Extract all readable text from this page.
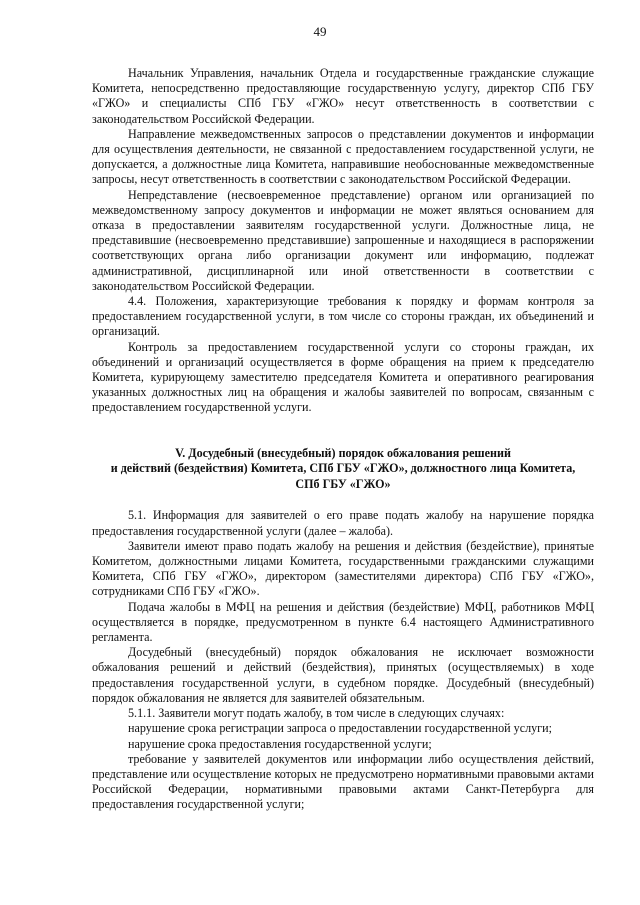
49

Начальник Управления, начальник Отдела и государственные гражданские служащие Комитета, непосредственно предоставляющие государственную услугу, директор СПб ГБУ «ГЖО» и специалисты СПб ГБУ «ГЖО» несут ответственность в соответствии с законодательством Российской Федерации.

Направление межведомственных запросов о представлении документов и информации для осуществления деятельности, не связанной с предоставлением государственной услуги, не допускается, а должностные лица Комитета, направившие необоснованные межведомственные запросы, несут ответственность в соответствии с законодательством Российской Федерации.

Непредставление (несвоевременное представление) органом или организацией по межведомственному запросу документов и информации не может являться основанием для отказа в предоставлении заявителям государственной услуги. Должностные лица, не представившие (несвоевременно представившие) запрошенные и находящиеся в распоряжении соответствующих органа либо организации документ или информацию, подлежат административной, дисциплинарной или иной ответственности в соответствии с законодательством Российской Федерации.

4.4. Положения, характеризующие требования к порядку и формам контроля за предоставлением государственной услуги, в том числе со стороны граждан, их объединений и организаций.

Контроль за предоставлением государственной услуги со стороны граждан, их объединений и организаций осуществляется в форме обращения на прием к председателю Комитета, курирующему заместителю председателя Комитета и оперативного реагирования указанных должностных лиц на обращения и жалобы заявителей по вопросам, связанным с предоставлением государственной услуги.

V. Досудебный (внесудебный) порядок обжалования решений
и действий (бездействия) Комитета, СПб ГБУ «ГЖО», должностного лица Комитета,
СПб ГБУ «ГЖО»

5.1. Информация для заявителей о его праве подать жалобу на нарушение порядка предоставления государственной услуги (далее – жалоба).

Заявители имеют право подать жалобу на решения и действия (бездействие), принятые Комитетом, должностными лицами Комитета, государственными гражданскими служащими Комитета, СПб ГБУ «ГЖО», директором (заместителями директора) СПб ГБУ «ГЖО», сотрудниками СПб ГБУ «ГЖО».

Подача жалобы в МФЦ на решения и действия (бездействие) МФЦ, работников МФЦ осуществляется в порядке, предусмотренном в пункте 6.4 настоящего Административного регламента.

Досудебный (внесудебный) порядок обжалования не исключает возможности обжалования решений и действий (бездействия), принятых (осуществляемых) в ходе предоставления государственной услуги, в судебном порядке. Досудебный (внесудебный) порядок обжалования не является для заявителей обязательным.

5.1.1. Заявители могут подать жалобу, в том числе в следующих случаях:

нарушение срока регистрации запроса о предоставлении государственной услуги;

нарушение срока предоставления государственной услуги;

требование у заявителей документов или информации либо осуществления действий, представление или осуществление которых не предусмотрено нормативными правовыми актами Российской Федерации, нормативными правовыми актами Санкт-Петербурга для предоставления государственной услуги;
